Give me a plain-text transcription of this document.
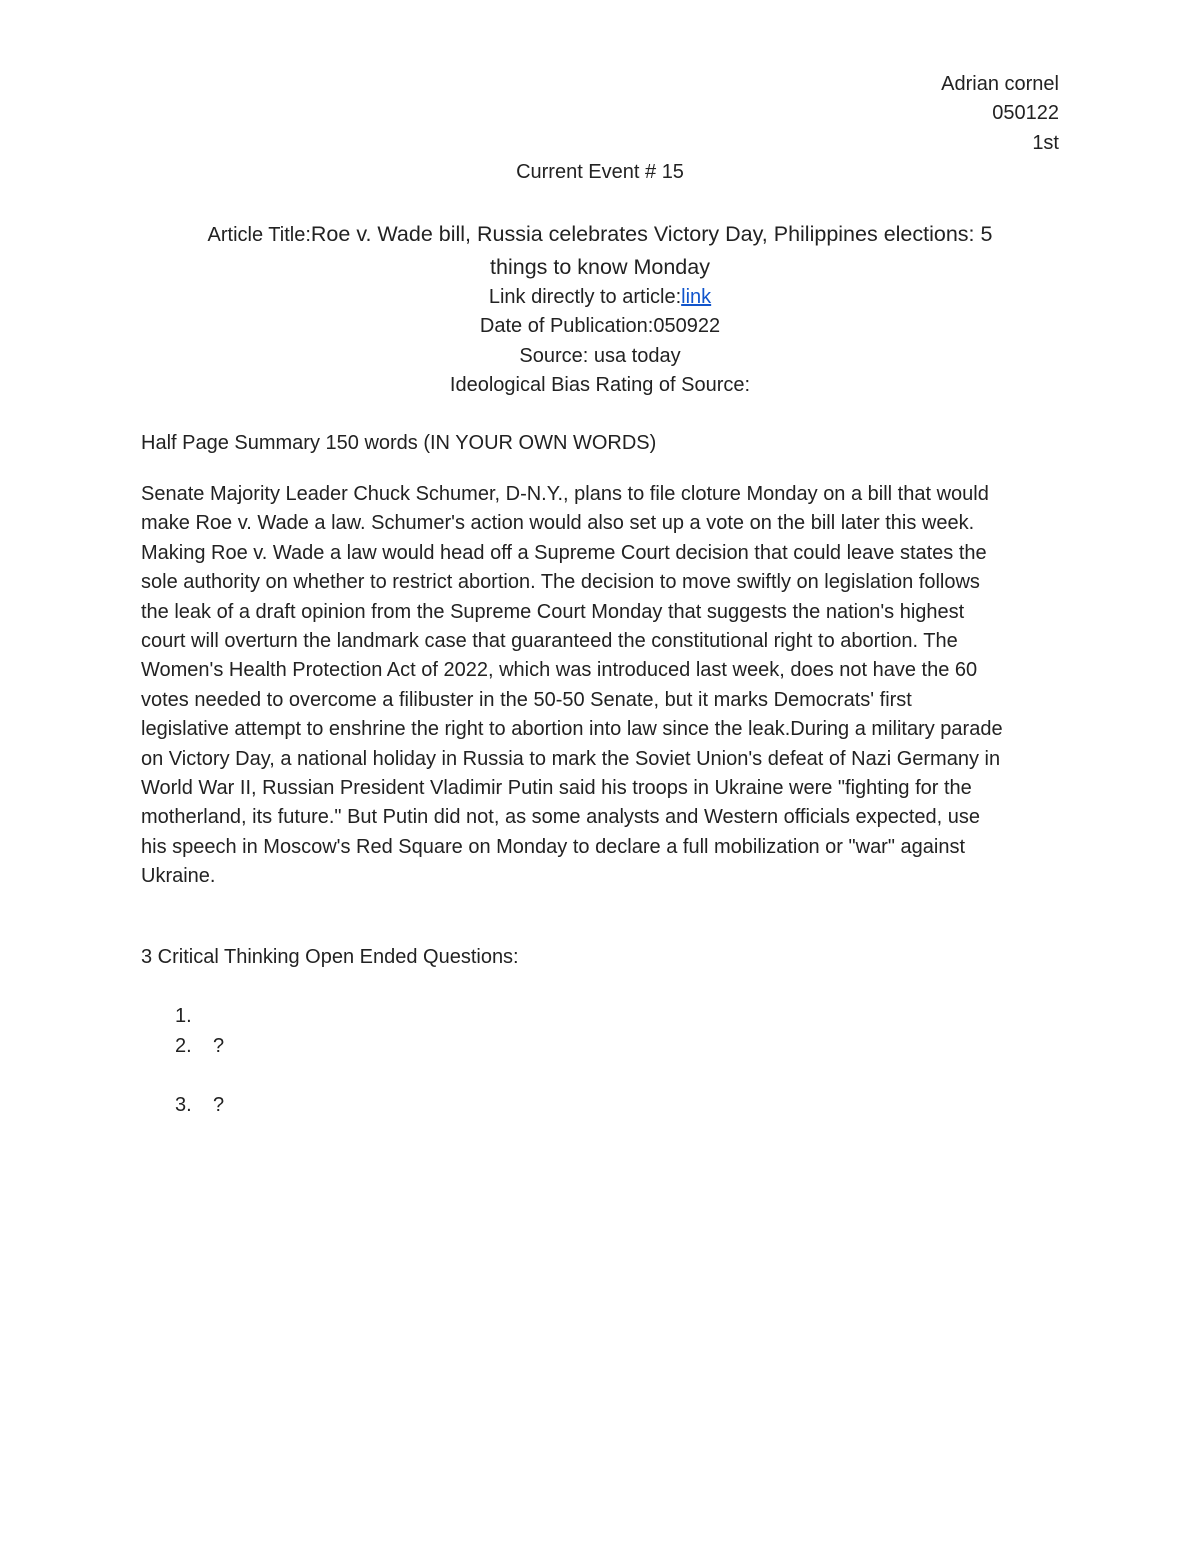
Adrian cornel
050122
1st
Current Event # 15
Article Title:Roe v. Wade bill, Russia celebrates Victory Day, Philippines elections: 5
things to know Monday
Link directly to article:link
Date of Publication:050922
Source: usa today
Ideological Bias Rating of Source:
Half Page Summary 150 words (IN YOUR OWN WORDS)
Senate Majority Leader Chuck Schumer, D-N.Y., plans to file cloture Monday on a bill that would
make Roe v. Wade a law. Schumer's action would also set up a vote on the bill later this week.
Making Roe v. Wade a law would head off a Supreme Court decision that could leave states the
sole authority on whether to restrict abortion. The decision to move swiftly on legislation follows
the leak of a draft opinion from the Supreme Court Monday that suggests the nation's highest
court will overturn the landmark case that guaranteed the constitutional right to abortion. The
Women's Health Protection Act of 2022, which was introduced last week, does not have the 60
votes needed to overcome a filibuster in the 50-50 Senate, but it marks Democrats' first
legislative attempt to enshrine the right to abortion into law since the leak.During a military parade
on Victory Day, a national holiday in Russia to mark the Soviet Union's defeat of Nazi Germany in
World War II, Russian President Vladimir Putin said his troops in Ukraine were "fighting for the
motherland, its future." But Putin did not, as some analysts and Western officials expected, use
his speech in Moscow's Red Square on Monday to declare a full mobilization or "war" against
Ukraine.
3 Critical Thinking Open Ended Questions:
1.
2. ?
3. ?
